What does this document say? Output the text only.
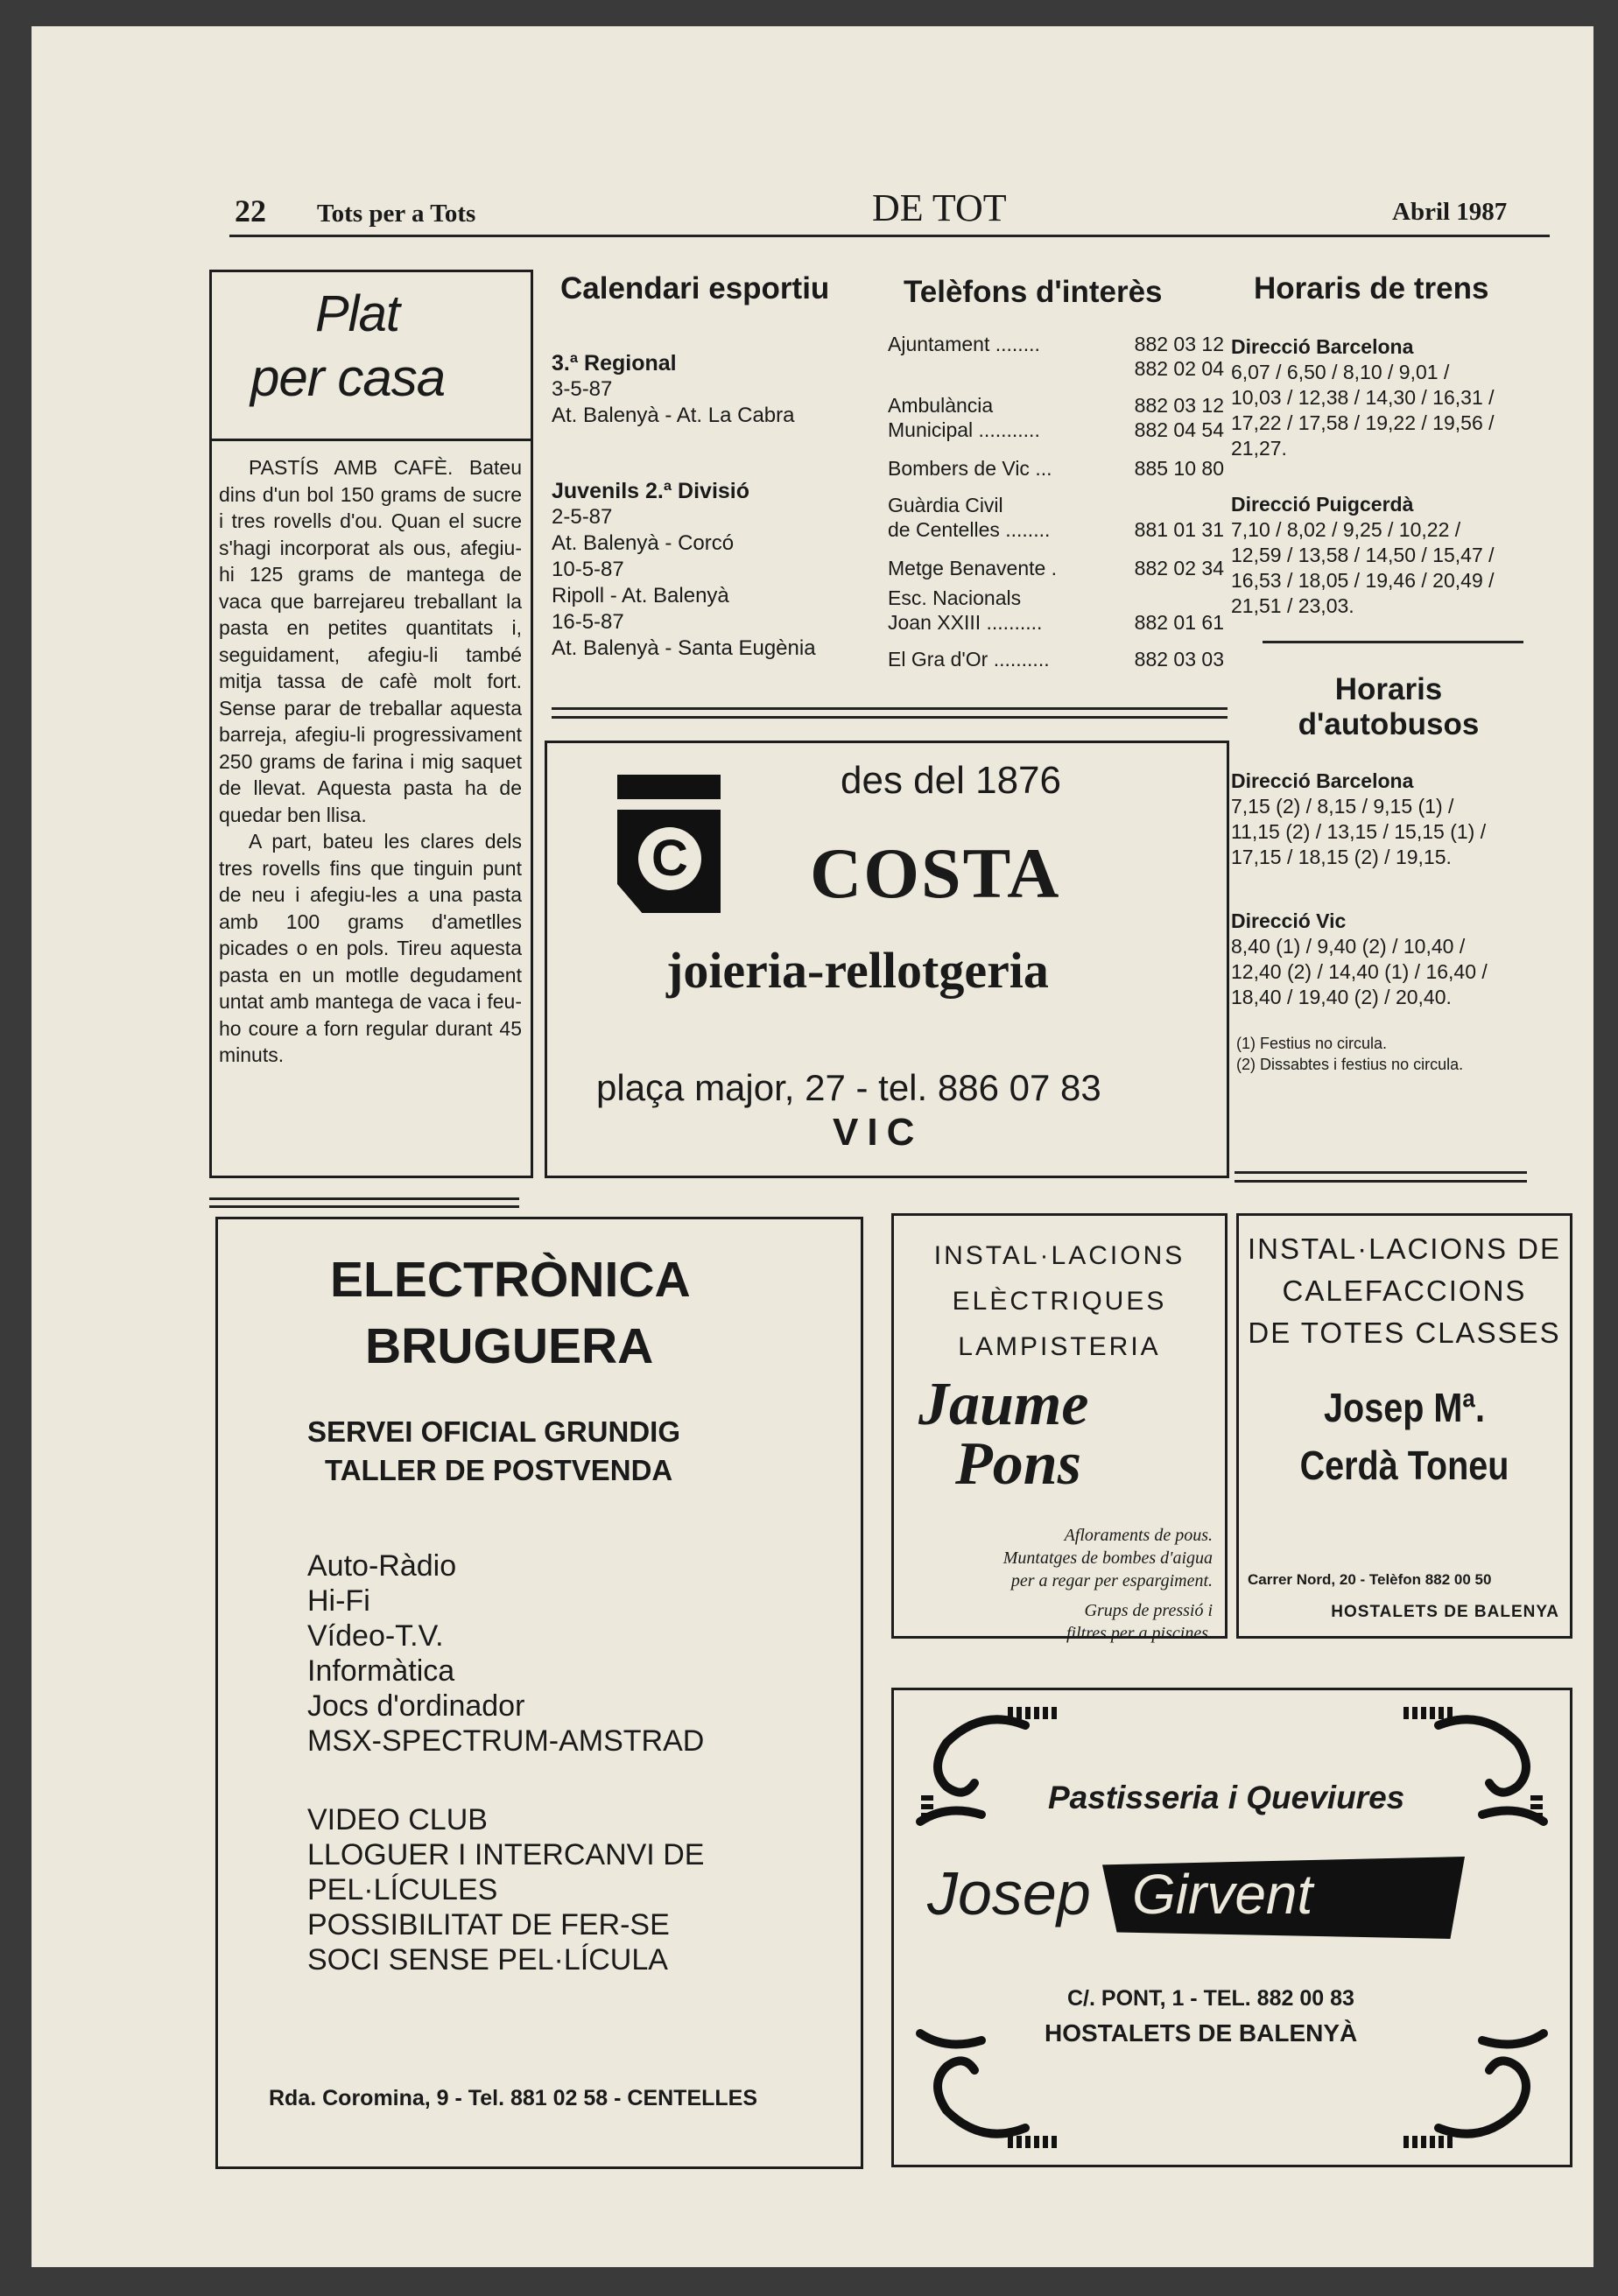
22 Tots per a Tots	DE TOT	Abril 1987
Plat
per casa

PASTÍS AMB CAFÈ. Bateu dins d'un bol 150 grams de sucre i tres rovells d'ou. Quan el sucre s'hagi incorporat als ous, afegiu-hi 125 grams de mantega de vaca que barrejareu treballant la pasta en petites quantitats i, seguidament, afegiu-li també mitja tassa de cafè molt fort. Sense parar de treballar aquesta barreja, afegiu-li progressivament 250 grams de farina i mig saquet de llevat. Aquesta pasta ha de quedar ben llisa.

A part, bateu les clares dels tres rovells fins que tinguin punt de neu i afegiu-les a una pasta amb 100 grams d'ametlles picades o en pols. Tireu aquesta pasta en un motlle degudament untat amb mantega de vaca i feu-ho coure a forn regular durant 45 minuts.

Calendari esportiu
3.ª Regional
3-5-87
At. Balenyà - At. La Cabra
Juvenils 2.ª Divisió
2-5-87
At. Balenyà - Corcó
10-5-87
Ripoll - At. Balenyà
16-5-87
At. Balenyà - Santa Eugènia
Telèfons d'interès
Ajuntament ........	882 03 12
882 02 04
Ambulància	882 03 12
Municipal ...........	882 04 54
Bombers de Vic ...	885 10 80
Guàrdia Civil
de Centelles ........	881 01 31
Metge Benavente .	882 02 34
Esc. Nacionals
Joan XXIII ..........	882 01 61
El Gra d'Or ..........	882 03 03
Horaris de trens
Direcció Barcelona
6,07 / 6,50 / 8,10 / 9,01 /
10,03 / 12,38 / 14,30 / 16,31 /
17,22 / 17,58 / 19,22 / 19,56 /
21,27.
Direcció Puigcerdà
7,10 / 8,02 / 9,25 / 10,22 /
12,59 / 13,58 / 14,50 / 15,47 /
16,53 / 18,05 / 19,46 / 20,49 /
21,51 / 23,03.
Horaris
d'autobusos
Direcció Barcelona
7,15 (2) / 8,15 / 9,15 (1) /
11,15 (2) / 13,15 / 15,15 (1) /
17,15 / 18,15 (2) / 19,15.
Direcció Vic
8,40 (1) / 9,40 (2) / 10,40 /
12,40 (2) / 14,40 (1) / 16,40 /
18,40 / 19,40 (2) / 20,40.
(1) Festius no circula.
(2) Dissabtes i festius no circula.
des del 1876
C COSTA
joieria-rellotgeria
plaça major, 27 - tel. 886 07 83
VIC
ELECTRÒNICA
BRUGUERA
SERVEI OFICIAL GRUNDIG
TALLER DE POSTVENDA
Auto-Ràdio
Hi-Fi
Vídeo-T.V.
Informàtica
Jocs d'ordinador
MSX-SPECTRUM-AMSTRAD
VIDEO CLUB
LLOGUER I INTERCANVI DE
PEL·LÍCULES
POSSIBILITAT DE FER-SE
SOCI SENSE PEL·LÍCULA
Rda. Coromina, 9 - Tel. 881 02 58 - CENTELLES
INSTAL·LACIONS
ELÈCTRIQUES
LAMPISTERIA
Jaume
Pons
Afloraments de pous.
Muntatges de bombes d'aigua
per a regar per espargiment.
Grups de pressió i
filtres per a piscines.
INSTAL·LACIONS DE
CALEFACCIONS
DE TOTES CLASSES
Josep Mª.
Cerdà Toneu
Carrer Nord, 20 - Telèfon 882 00 50
HOSTALETS DE BALENYA
Pastisseria i Queviures
Josep Girvent
C/. PONT, 1 - TEL. 882 00 83
HOSTALETS DE BALENYÀ
